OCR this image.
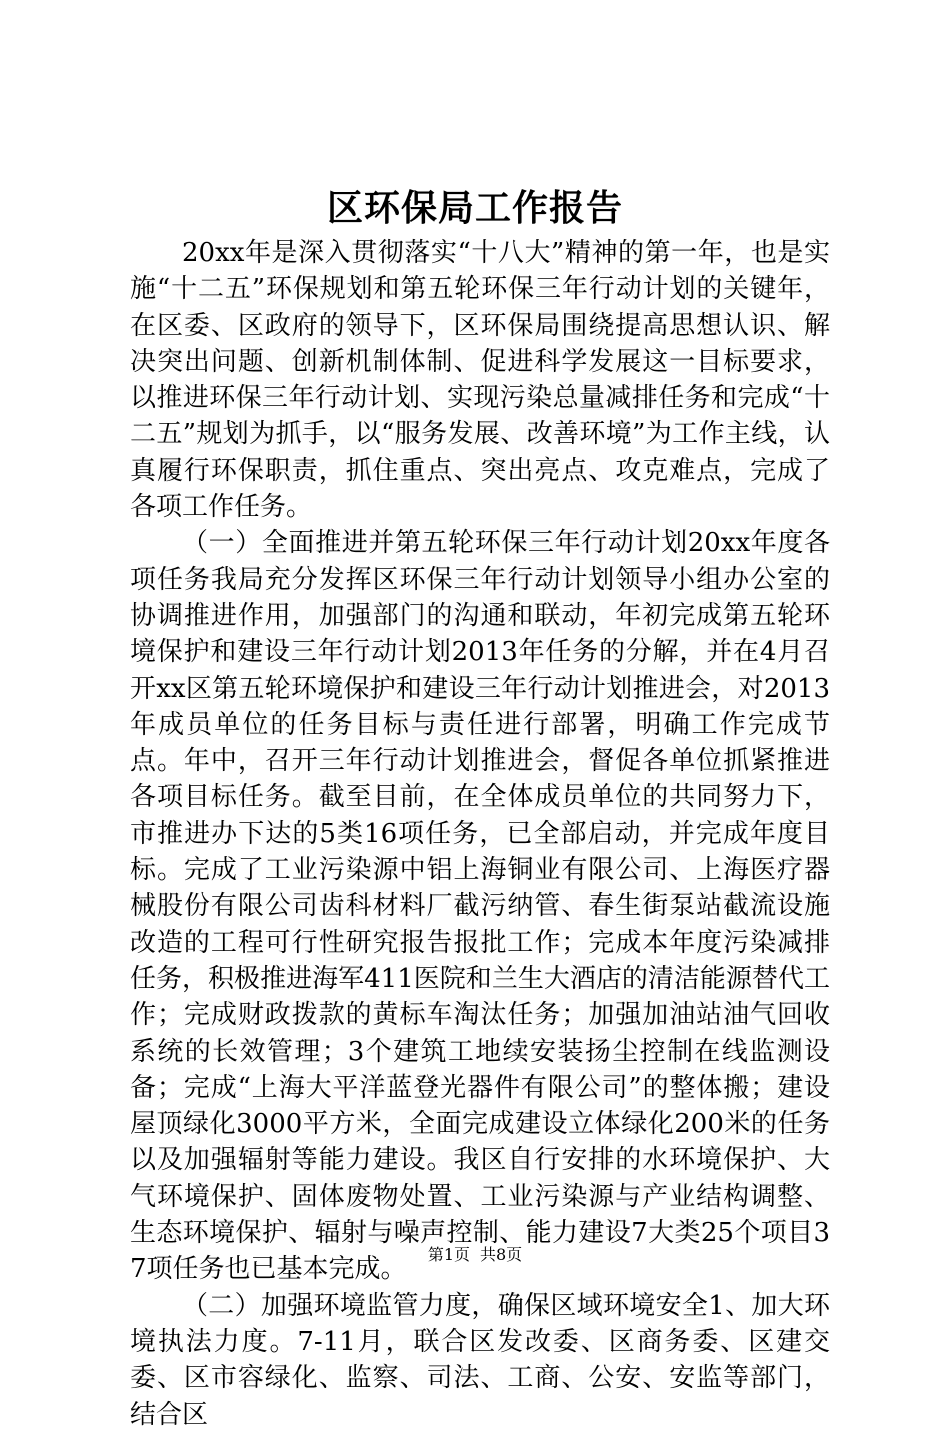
区环保局工作报告

20xx年是深入贯彻落实“十八大”精神的第一年，也是实施“十二五”环保规划和第五轮环保三年行动计划的关键年，在区委、区政府的领导下，区环保局围绕提高思想认识、解决突出问题、创新机制体制、促进科学发展这一目标要求，以推进环保三年行动计划、实现污染总量减排任务和完成“十二五”规划为抓手，以“服务发展、改善环境”为工作主线，认真履行环保职责，抓住重点、突出亮点、攻克难点，完成了各项工作任务。

（一）全面推进并第五轮环保三年行动计划20xx年度各项任务我局充分发挥区环保三年行动计划领导小组办公室的协调推进作用，加强部门的沟通和联动，年初完成第五轮环境保护和建设三年行动计划2013年任务的分解，并在4月召开xx区第五轮环境保护和建设三年行动计划推进会，对2013年成员单位的任务目标与责任进行部署，明确工作完成节点。年中，召开三年行动计划推进会，督促各单位抓紧推进各项目标任务。截至目前，在全体成员单位的共同努力下，市推进办下达的5类16项任务，已全部启动，并完成年度目标。完成了工业污染源中铝上海铜业有限公司、上海医疗器械股份有限公司齿科材料厂截污纳管、春生街泵站截流设施改造的工程可行性研究报告报批工作；完成本年度污染减排任务，积极推进海军411医院和兰生大酒店的清洁能源替代工作；完成财政拨款的黄标车淘汰任务；加强加油站油气回收系统的长效管理；3个建筑工地续安装扬尘控制在线监测设备；完成“上海大平洋蓝登光器件有限公司”的整体搬；建设屋顶绿化3000平方米，全面完成建设立体绿化200米的任务以及加强辐射等能力建设。我区自行安排的水环境保护、大气环境保护、固体废物处置、工业污染源与产业结构调整、生态环境保护、辐射与噪声控制、能力建设7大类25个项目37项任务也已基本完成。

（二）加强环境监管力度，确保区域环境安全1、加大环境执法力度。7-11月，联合区发改委、区商务委、区建交委、区市容绿化、监察、司法、工商、公安、安监等部门，结合区

第1页 共8页
